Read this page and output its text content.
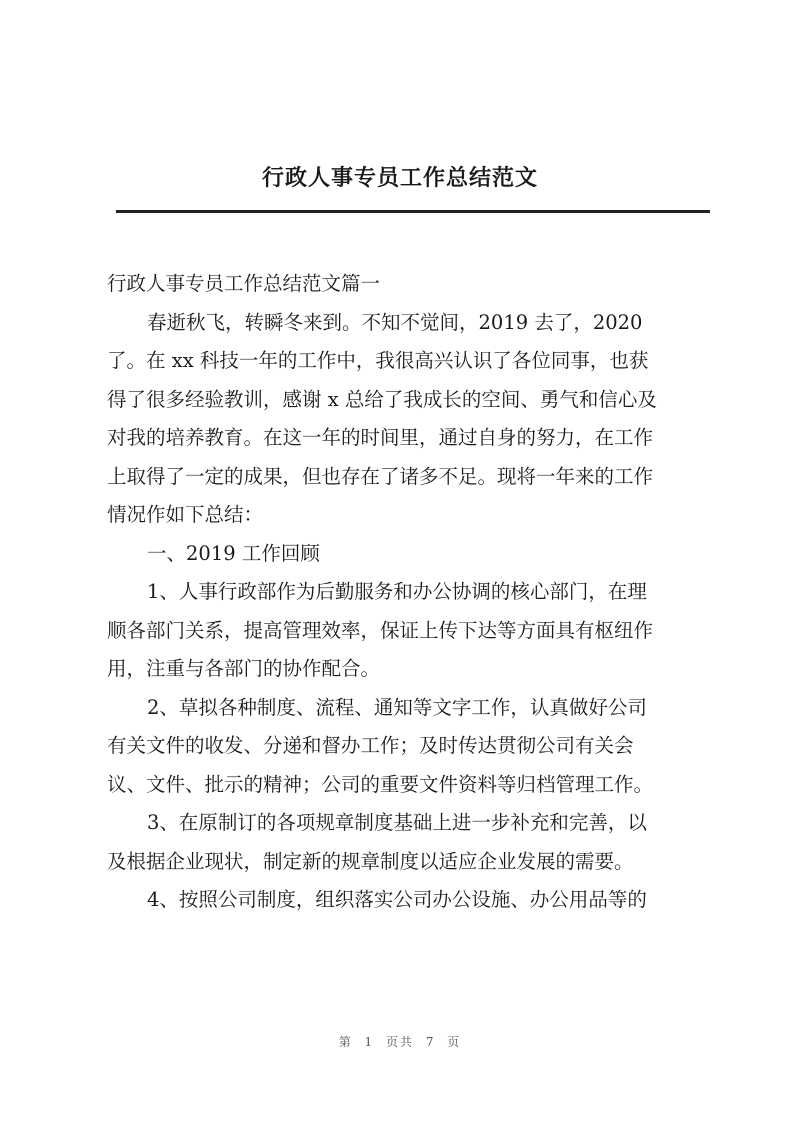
行政人事专员工作总结范文
行政人事专员工作总结范文篇一
春逝秋飞，转瞬冬来到。不知不觉间，2019 去了，2020
了。在 xx 科技一年的工作中，我很高兴认识了各位同事，也获
得了很多经验教训，感谢 x 总给了我成长的空间、勇气和信心及
对我的培养教育。在这一年的时间里，通过自身的努力，在工作
上取得了一定的成果，但也存在了诸多不足。现将一年来的工作
情况作如下总结：
一、2019 工作回顾
1、人事行政部作为后勤服务和办公协调的核心部门，在理
顺各部门关系，提高管理效率，保证上传下达等方面具有枢纽作
用，注重与各部门的协作配合。
2、草拟各种制度、流程、通知等文字工作，认真做好公司
有关文件的收发、分递和督办工作；及时传达贯彻公司有关会
议、文件、批示的精神；公司的重要文件资料等归档管理工作。
3、在原制订的各项规章制度基础上进一步补充和完善，以
及根据企业现状，制定新的规章制度以适应企业发展的需要。
4、按照公司制度，组织落实公司办公设施、办公用品等的
第 1 页共 7 页
